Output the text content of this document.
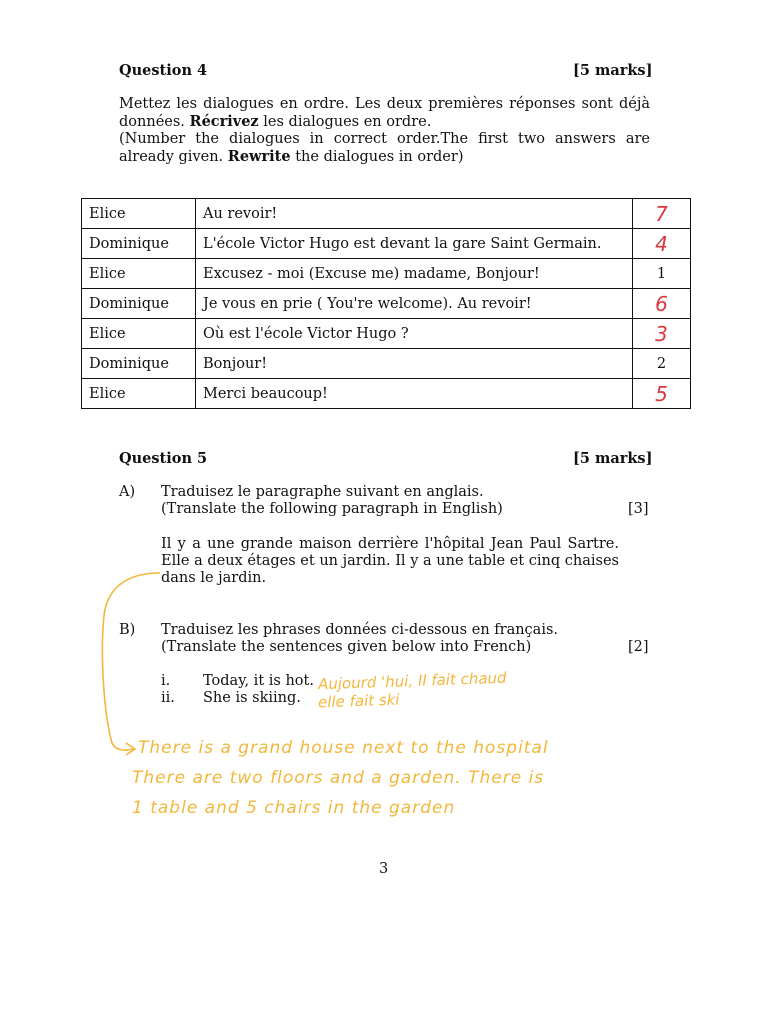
Question 4	[5 marks]
Mettez les dialogues en ordre. Les deux premières réponses sont déjà données. Récrivez les dialogues en ordre.
(Number the dialogues in correct order.The first two answers are already given. Rewrite the dialogues in order)
Elice	Au revoir!	7
Dominique	L'école Victor Hugo est devant la gare Saint Germain.	4
Elice	Excusez - moi (Excuse me) madame, Bonjour!	1
Dominique	Je vous en prie ( You're welcome). Au revoir!	6
Elice	Où est l'école Victor Hugo ?	3
Dominique	Bonjour!	2
Elice	Merci beaucoup!	5
Question 5	[5 marks]
A) Traduisez le paragraphe suivant en anglais.
(Translate the following paragraph in English)	[3]
Il y a une grande maison derrière l'hôpital Jean Paul Sartre. Elle a deux étages et un jardin. Il y a une table et cinq chaises dans le jardin.
B) Traduisez les phrases données ci-dessous en français.
(Translate the sentences given below into French)	[2]
i. Today, it is hot.
ii. She is skiing.
Aujourd 'hui, Il fait chaud
elle fait ski
There is a grand house next to the hospital
There are two floors and a garden. There is
1 table and 5 chairs in the garden
3
